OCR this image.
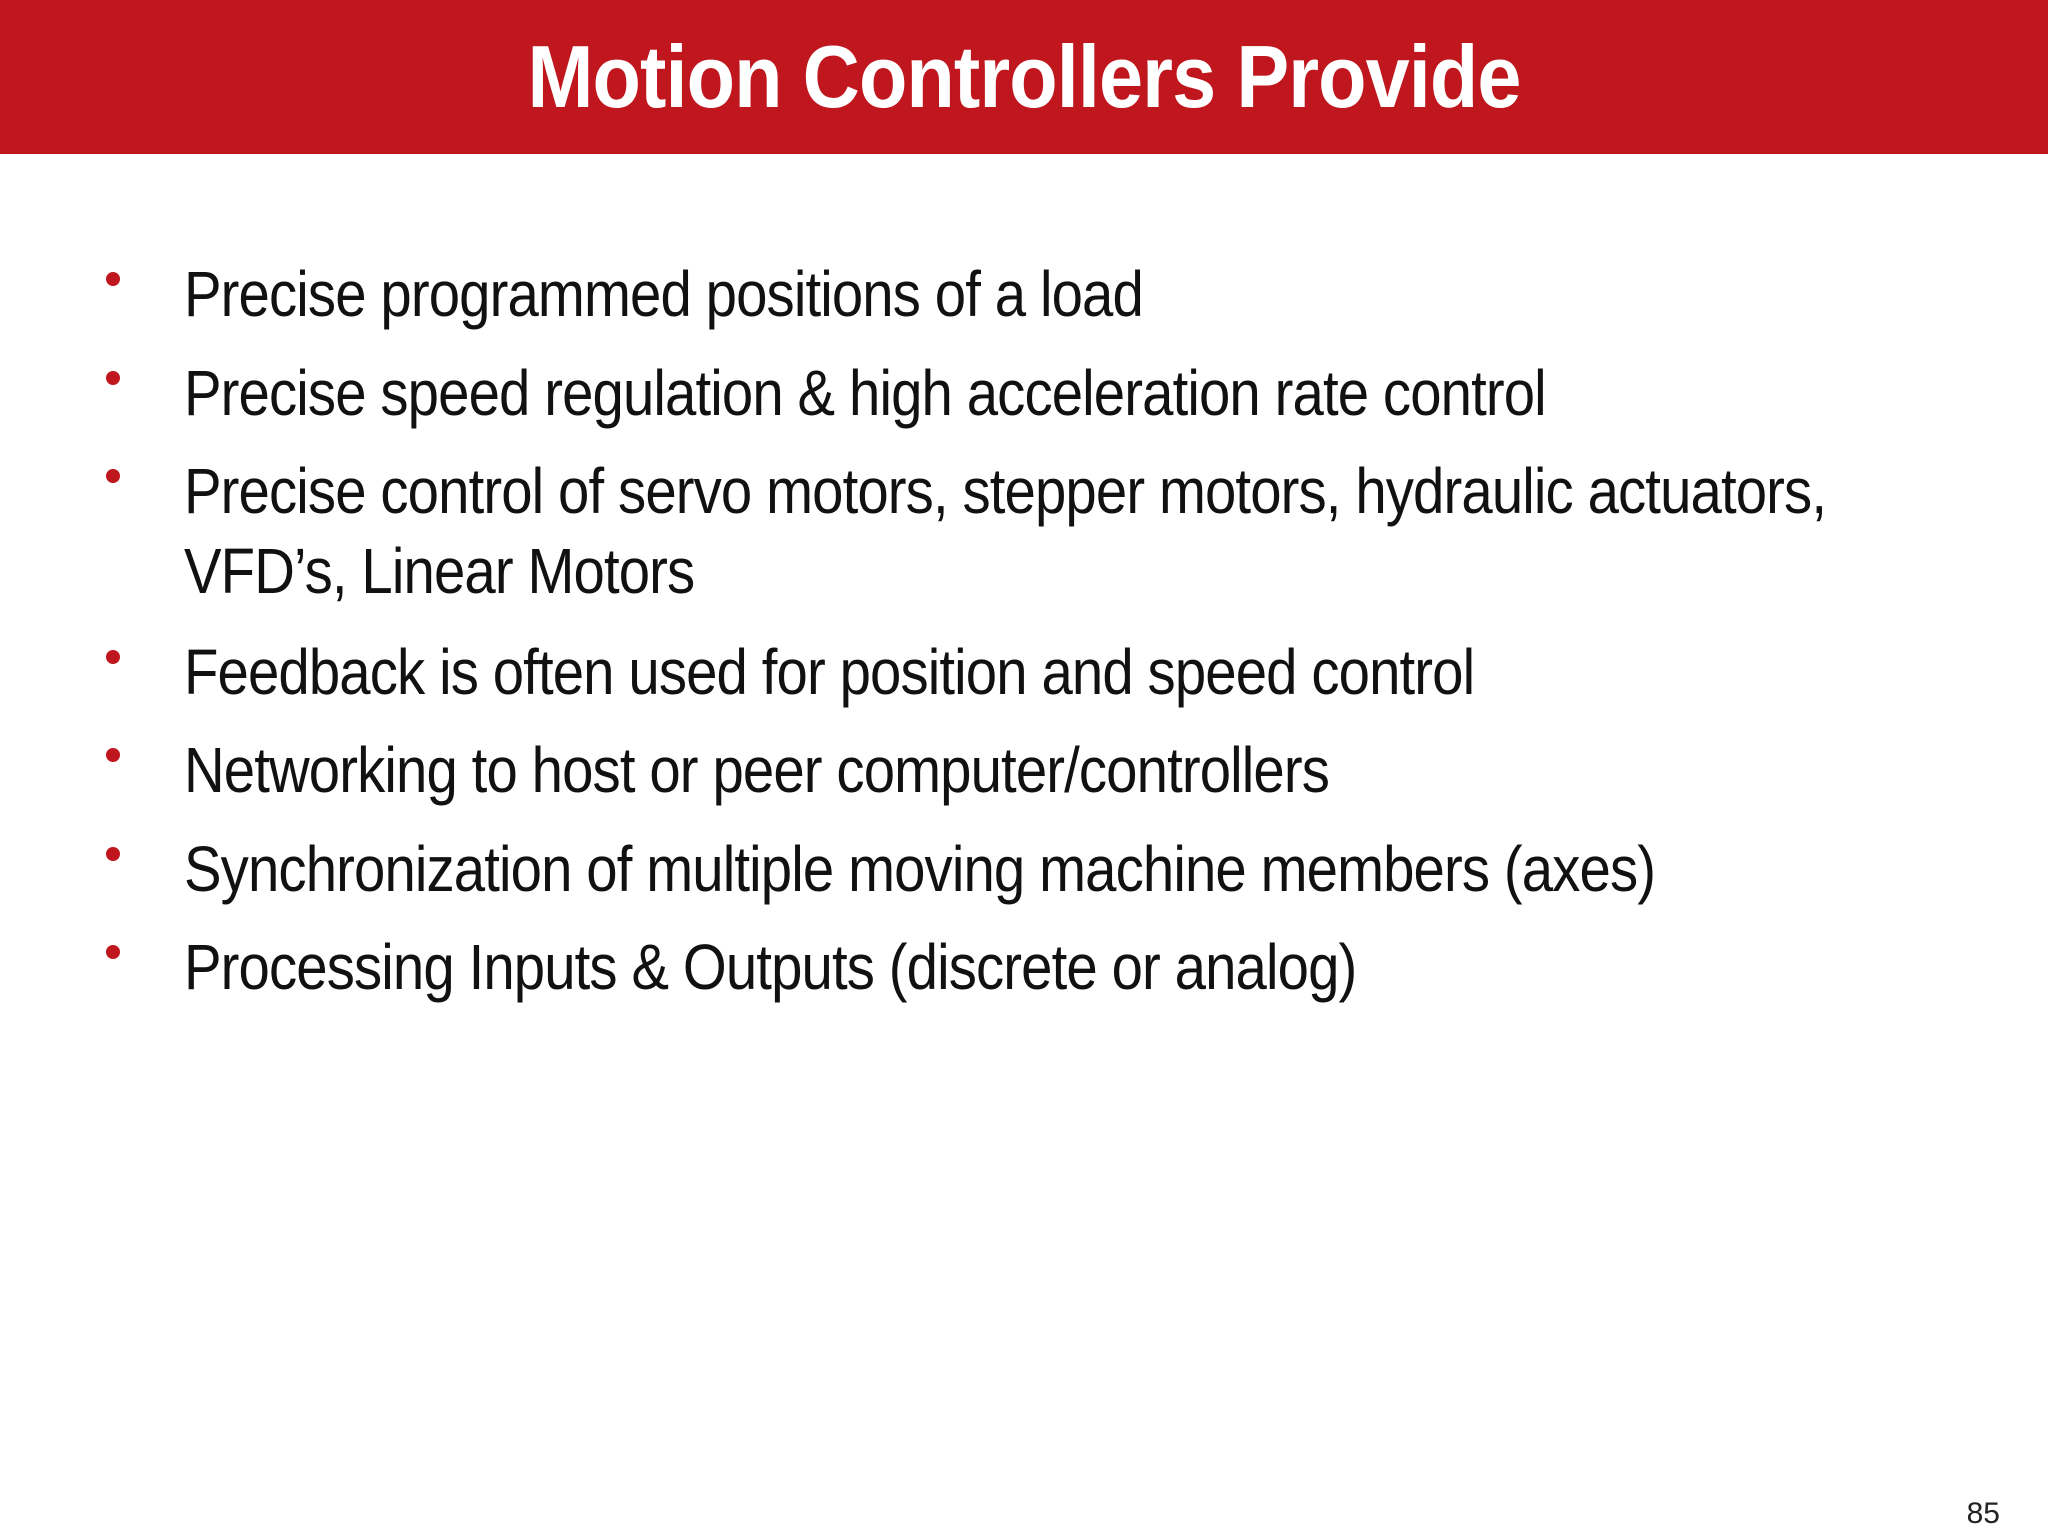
Motion Controllers Provide
Precise programmed positions of a load
Precise speed regulation & high acceleration rate control
Precise control of servo motors, stepper motors, hydraulic actuators,
VFD’s, Linear Motors
Feedback is often used for position and speed control
Networking to host or peer computer/controllers
Synchronization of multiple moving machine members (axes)
Processing Inputs & Outputs (discrete or analog)
85
